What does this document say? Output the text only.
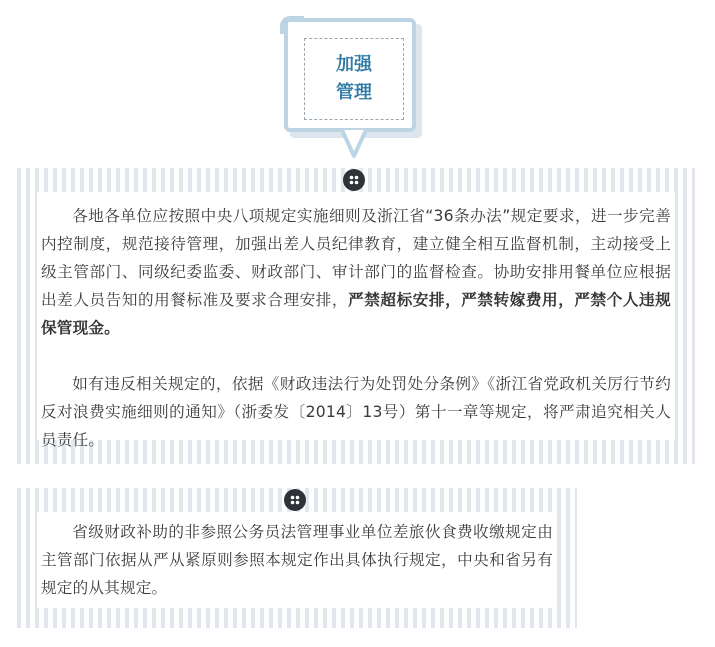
加强管理

各地各单位应按照中央八项规定实施细则及浙江省“36条办法”规定要求，进一步完善内控制度，规范接待管理，加强出差人员纪律教育，建立健全相互监督机制，主动接受上级主管部门、同级纪委监委、财政部门、审计部门的监督检查。协助安排用餐单位应根据出差人员告知的用餐标准及要求合理安排，严禁超标安排，严禁转嫁费用，严禁个人违规保管现金。

如有违反相关规定的，依据《财政违法行为处罚处分条例》《浙江省党政机关厉行节约反对浪费实施细则的通知》（浙委发〔2014〕13号）第十一章等规定，将严肃追究相关人员责任。

省级财政补助的非参照公务员法管理事业单位差旅伙食费收缴规定由主管部门依据从严从紧原则参照本规定作出具体执行规定，中央和省另有规定的从其规定。
